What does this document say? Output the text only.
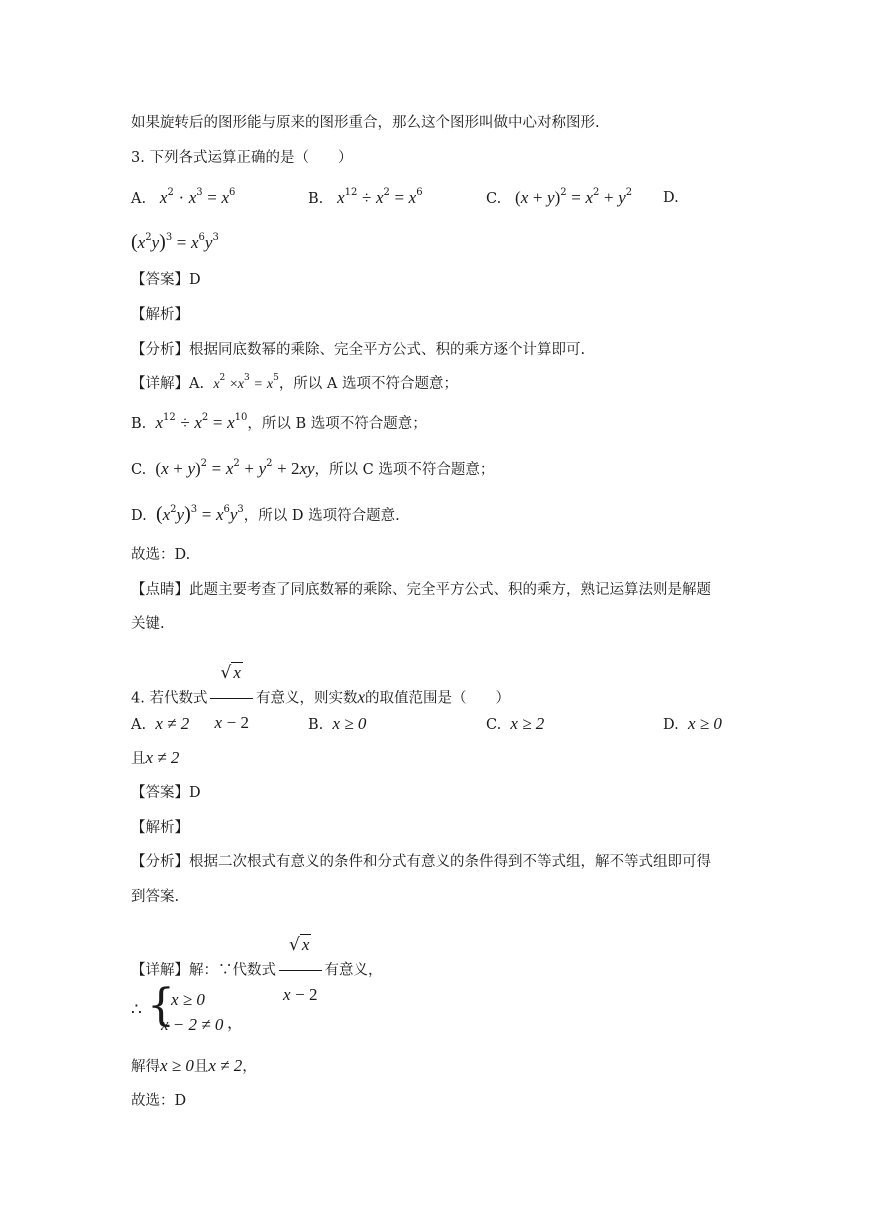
如果旋转后的图形能与原来的图形重合，那么这个图形叫做中心对称图形.
3. 下列各式运算正确的是（　　）
A. $x^2 \cdot x^3 = x^6$	B. $x^{12} \div x^2 = x^6$	C. $(x + y)^2 = x^2 + y^2$ D.
$(x^2y)^3 = x^6y^3$
【答案】D
【解析】
【分析】根据同底数幂的乘除、完全平方公式、积的乘方逐个计算即可.
【详解】A. $x^2 \times x^3 = x^5$，所以 A 选项不符合题意；
B. $x^{12} \div x^2 = x^{10}$，所以 B 选项不符合题意；
C. $(x + y)^2 = x^2 + y^2 + 2xy$，所以 C 选项不符合题意；
D. $(x^2y)^3 = x^6y^3$，所以 D 选项符合题意.
故选：D.
【点睛】此题主要考查了同底数幂的乘除、完全平方公式、积的乘方，熟记运算法则是解题
关键.
4. 若代数式 $\frac{√ x}{x - 2}$ 有意义，则实数x的取值范围是（　　）
A. x ≠ 2	B. x ≥ 0	C. x ≥ 2	D. x ≥ 0
且x ≠ 2
【答案】D
【解析】
【分析】根据二次根式有意义的条件和分式有意义的条件得到不等式组，解不等式组即可得
到答案.
【详解】解：∵代数式 $\frac{√ x}{x - 2}$ 有意义，
∴ {
x ≥ 0
x − 2 ≠ 0 ，
解得x ≥ 0且x ≠ 2，
故选：D
